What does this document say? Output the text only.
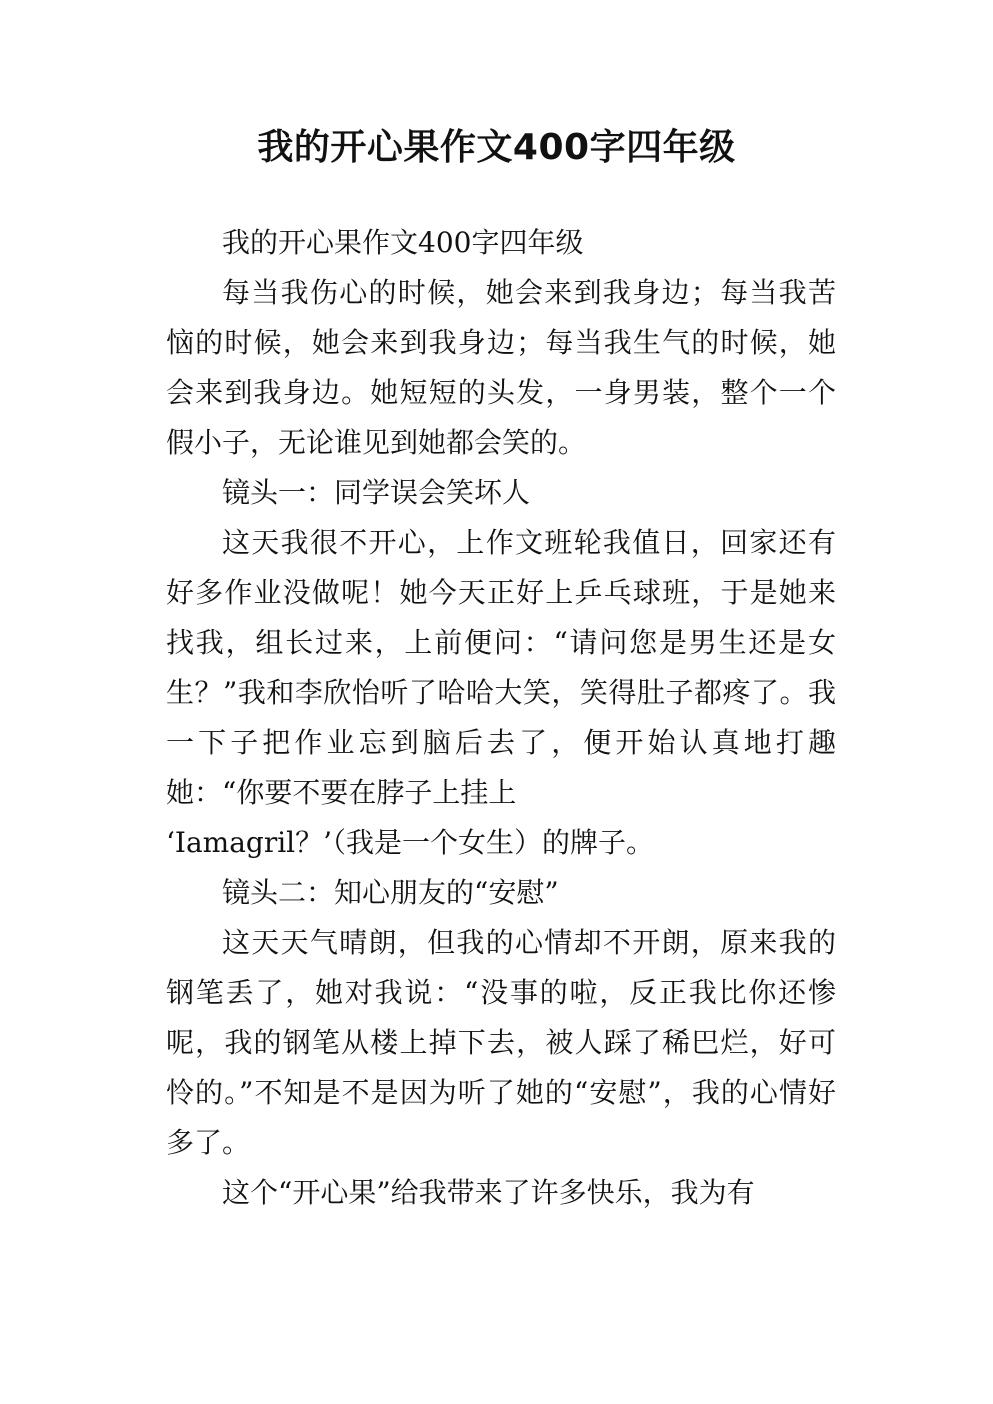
我的开心果作文400字四年级

我的开心果作文400字四年级

每当我伤心的时候，她会来到我身边；每当我苦恼的时候，她会来到我身边；每当我生气的时候，她会来到我身边。她短短的头发，一身男装，整个一个假小子，无论谁见到她都会笑的。

镜头一：同学误会笑坏人

这天我很不开心，上作文班轮我值日，回家还有好多作业没做呢！她今天正好上乒乓球班，于是她来找我，组长过来，上前便问：“请问您是男生还是女生？”我和李欣怡听了哈哈大笑，笑得肚子都疼了。我一下子把作业忘到脑后去了，便开始认真地打趣她：“你要不要在脖子上挂上

‘Iamagril？’（我是一个女生）的牌子。

镜头二：知心朋友的“安慰”

这天天气晴朗，但我的心情却不开朗，原来我的钢笔丢了，她对我说：“没事的啦，反正我比你还惨呢，我的钢笔从楼上掉下去，被人踩了稀巴烂，好可怜的。”不知是不是因为听了她的“安慰”，我的心情好多了。

这个“开心果”给我带来了许多快乐，我为有
